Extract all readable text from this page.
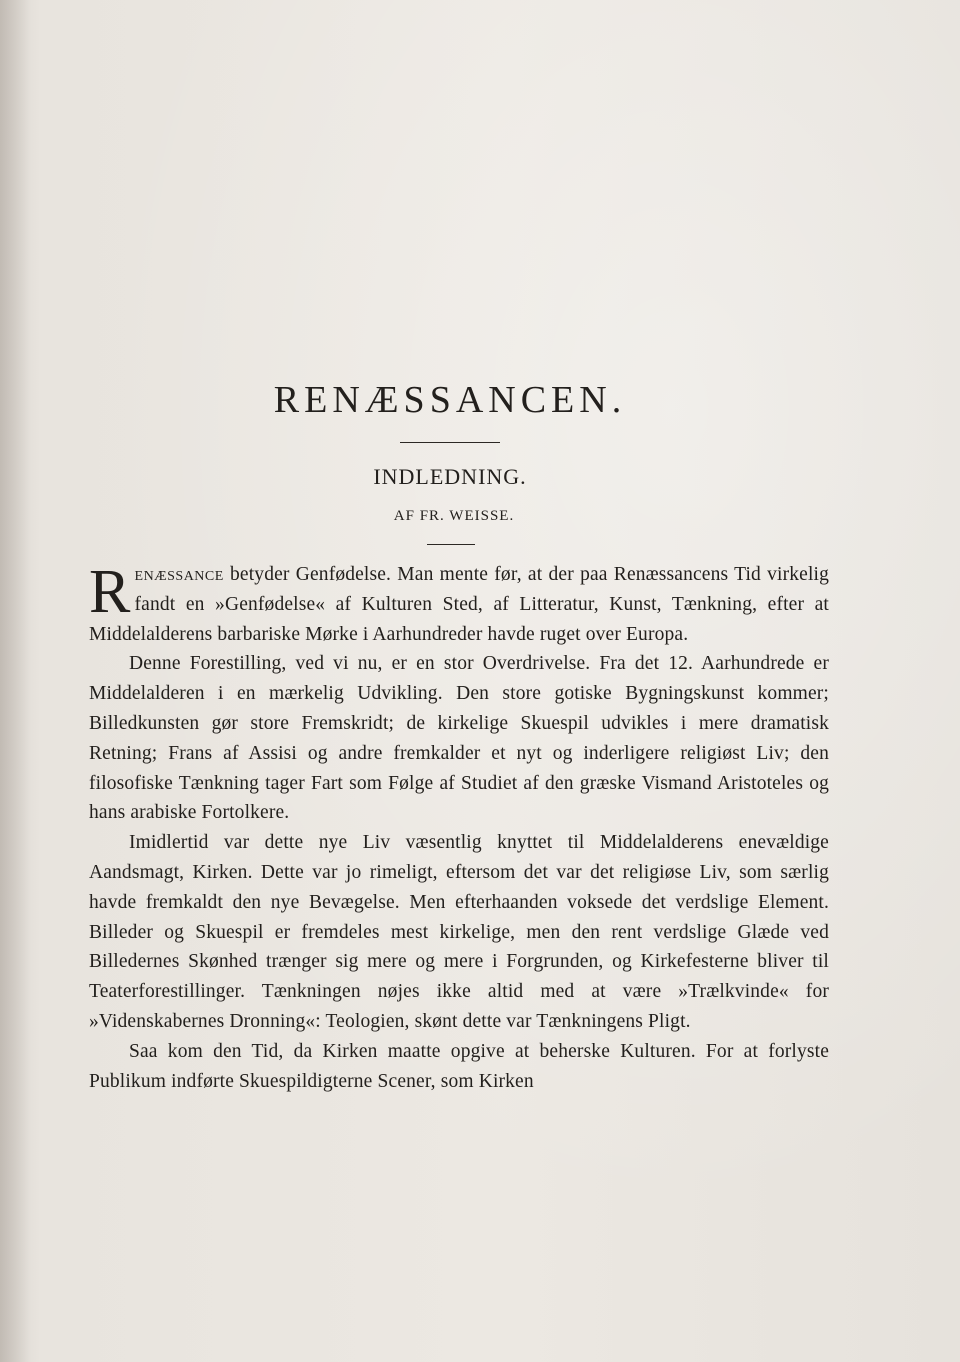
RENÆSSANCEN.
INDLEDNING.
AF FR. WEISSE.

Renæssance betyder Genfødelse. Man mente før, at der paa Renæssancens Tid virkelig fandt en »Genfødelse« af Kulturen Sted, af Litteratur, Kunst, Tænkning, efter at Middelalderens barbariske Mørke i Aarhundreder havde ruget over Europa.

Denne Forestilling, ved vi nu, er en stor Overdrivelse. Fra det 12. Aarhundrede er Middelalderen i en mærkelig Udvikling. Den store gotiske Bygningskunst kommer; Billedkunsten gør store Fremskridt; de kirkelige Skuespil udvikles i mere dramatisk Retning; Frans af Assisi og andre fremkalder et nyt og inderligere religiøst Liv; den filosofiske Tænkning tager Fart som Følge af Studiet af den græske Vismand Aristoteles og hans arabiske Fortolkere.

Imidlertid var dette nye Liv væsentlig knyttet til Middelalderens enevældige Aandsmagt, Kirken. Dette var jo rimeligt, eftersom det var det religiøse Liv, som særlig havde fremkaldt den nye Bevægelse. Men efterhaanden voksede det verdslige Element. Billeder og Skuespil er fremdeles mest kirkelige, men den rent verdslige Glæde ved Billedernes Skønhed trænger sig mere og mere i Forgrunden, og Kirkefesterne bliver til Teaterforestillinger. Tænkningen nøjes ikke altid med at være »Trælkvinde« for »Videnskabernes Dronning«: Teologien, skønt dette var Tænkningens Pligt.

Saa kom den Tid, da Kirken maatte opgive at beherske Kulturen. For at forlyste Publikum indførte Skuespildigterne Scener, som Kirken
